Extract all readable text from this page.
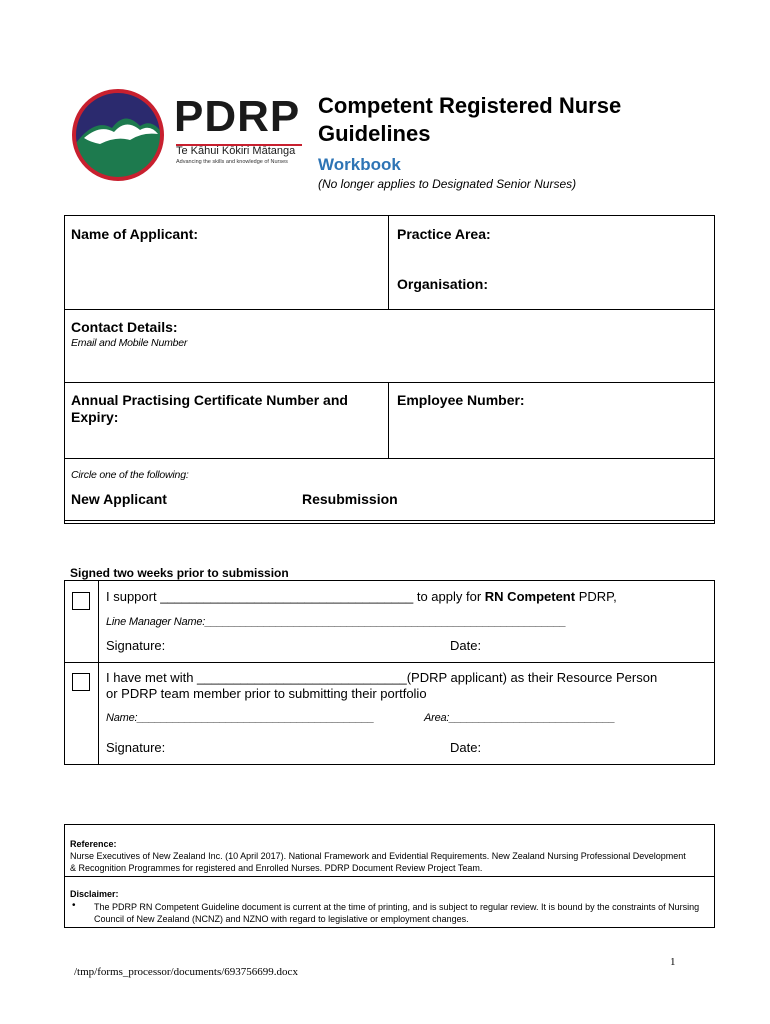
PDRP
Te Kāhui Kōkiri Mātanga
Advancing the skills and knowledge of Nurses
Competent Registered Nurse Guidelines
Workbook
(No longer applies to Designated Senior Nurses)
Name of Applicant:	Practice Area:
Organisation:
Contact Details:
Email and Mobile Number
Annual Practising Certificate Number and Expiry:
Employee Number:
Circle one of the following:
New Applicant	Resubmission
Signed two weeks prior to submission
I support ___________________________________ to apply for RN Competent PDRP,
Line Manager Name:_____________________________________________________________
Signature:	Date:
I have met with _____________________________(PDRP applicant) as their Resource Person
or PDRP team member prior to submitting their portfolio
Name:________________________________________	Area:____________________________
Signature:	Date:
Reference:
Nurse Executives of New Zealand Inc. (10 April 2017). National Framework and Evidential Requirements. New Zealand Nursing Professional Development & Recognition Programmes for registered and Enrolled Nurses. PDRP Document Review Project Team.
Disclaimer:
• The PDRP RN Competent Guideline document is current at the time of printing, and is subject to regular review. It is bound by the constraints of Nursing Council of New Zealand (NCNZ) and NZNO with regard to legislative or employment changes.
1
/tmp/forms_processor/documents/693756699.docx
